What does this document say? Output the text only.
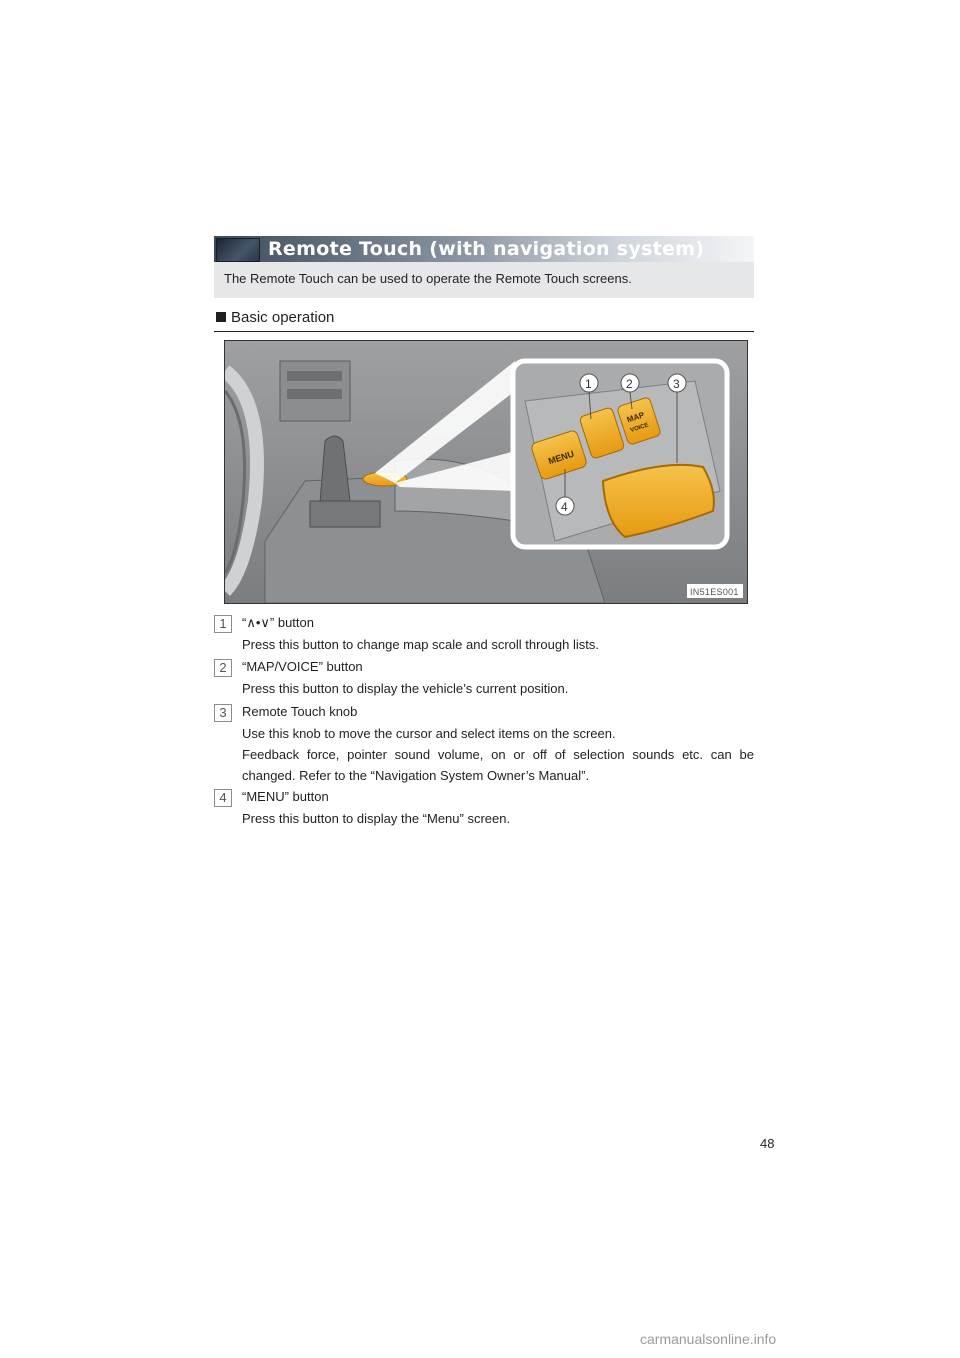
Remote Touch (with navigation system)
The Remote Touch can be used to operate the Remote Touch screens.
Basic operation
MENU
MAP
VOICE
1	2	3
4
IN51ES001
1	“∧•∨” button
Press this button to change map scale and scroll through lists.
2	“MAP/VOICE” button
Press this button to display the vehicle’s current position.
3	Remote Touch knob
Use this knob to move the cursor and select items on the screen.
Feedback force, pointer sound volume, on or off of selection sounds etc. can be changed. Refer to the “Navigation System Owner’s Manual”.
4	“MENU” button
Press this button to display the “Menu” screen.
48
carmanualsonline.info
